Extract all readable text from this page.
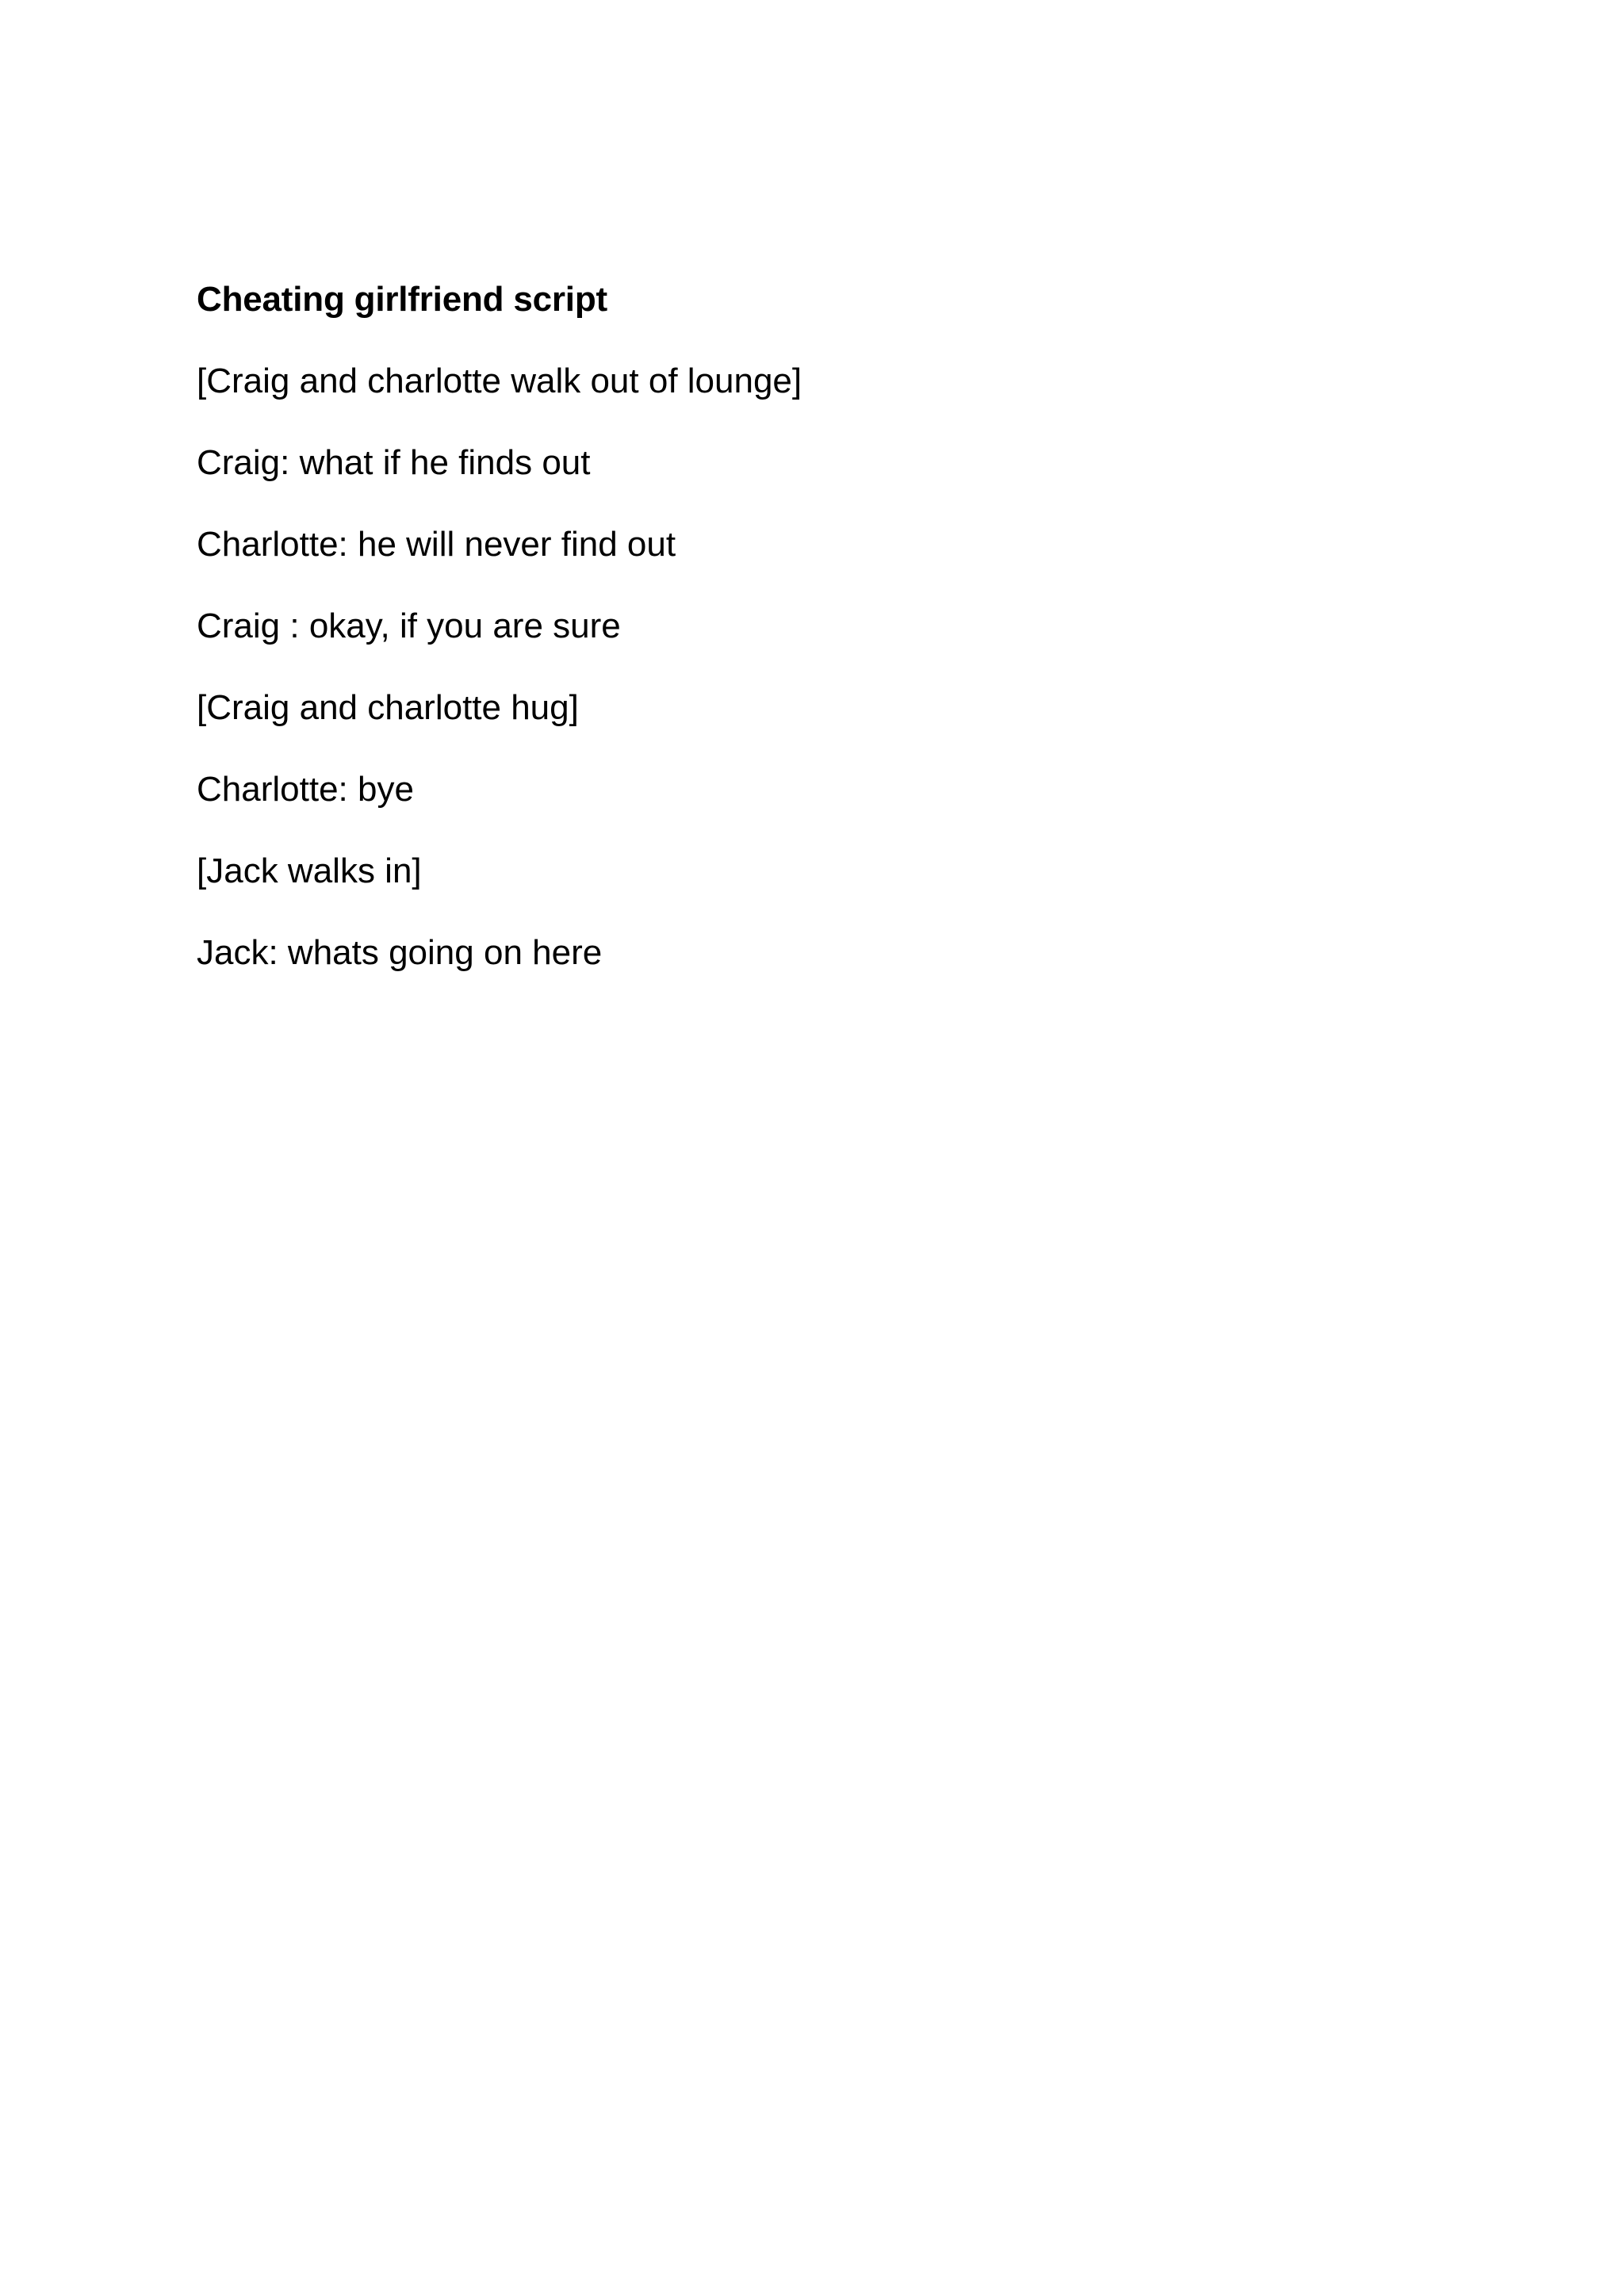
Cheating girlfriend script
[Craig and charlotte walk out of lounge]
Craig: what if he finds out
Charlotte: he will never find out
Craig : okay, if you are sure
[Craig and charlotte hug]
Charlotte: bye
[Jack walks in]
Jack: whats going on here
